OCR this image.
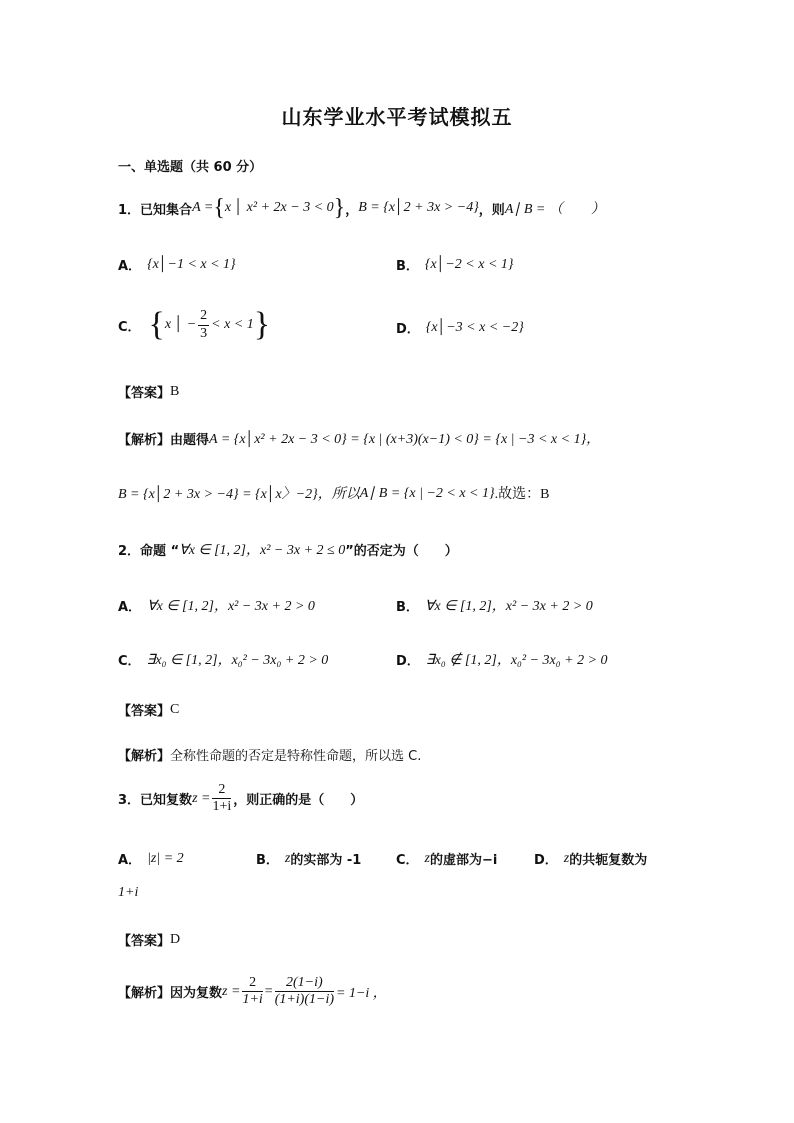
山东学业水平考试模拟五
一、单选题（共 60 分）
1． 已知集合 A = { x │ x² + 2x − 3 < 0 } ， B = {x│2 + 3x > −4} ，则 A∣ B = （　　）
A． {x│−1 < x < 1}	B． {x│−2 < x < 1}
C． { x │ − $\frac{2}{3} < x < 1$ }	D． {x│−3 < x < −2}
【答案】 B
【解析】 由题得 A = {x│x² + 2x − 3 < 0} = {x | (x+3)(x−1) < 0} = {x | −3 < x < 1}，
B = {x│2 + 3x > −4} = {x│x〉−2}，所以 A∣ B = {x | −2 < x < 1} .故选：B
2． 命题 “ ∀x ∈ [1, 2]，x² − 3x + 2 ≤ 0 ”的否定为（　　）
A． ∀x ∈ [1, 2]，x² − 3x + 2 > 0	B． ∀x ∈ [1, 2]，x² − 3x + 2 > 0
C． ∃x₀ ∈ [1, 2]，x₀² − 3x₀ + 2 > 0	D． ∃x₀ ∉ [1, 2]，x₀² − 3x₀ + 2 > 0
【答案】 C
【解析】 全称性命题的否定是特称性命题，所以选 C.
3． 已知复数 $z = \frac{2}{1+i}$ ，则正确的是（　　）
A． |z| = 2	B． z 的实部为 -1	C． z 的虚部为−i	D． z 的共轭复数为
1+i
【答案】 D
【解析】 因为复数 $z = \frac{2}{1+i} = \frac{2(1-i)}{(1+i)(1-i)} = 1-i$ ，
